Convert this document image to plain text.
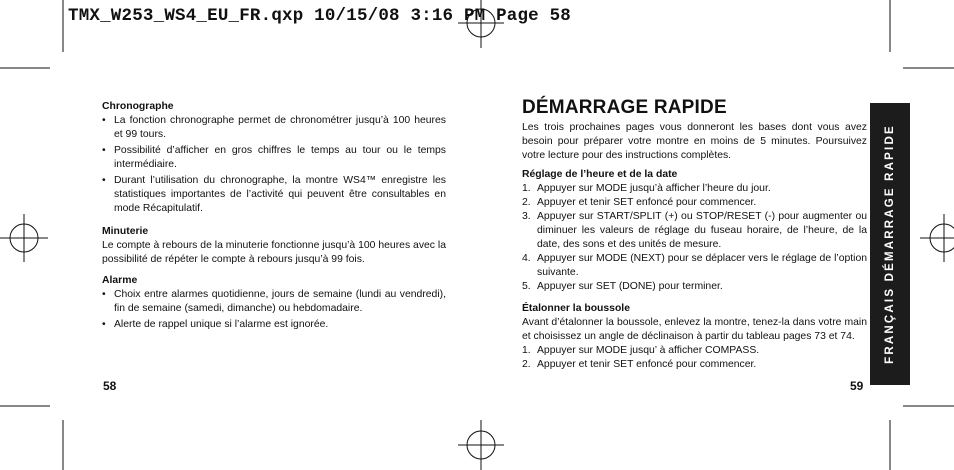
TMX_W253_WS4_EU_FR.qxp 10/15/08 3:16 PM Page 58

Chronographe

• La fonction chronographe permet de chronométrer jusqu’à 100 heures et 99 tours.
• Possibilité d’afficher en gros chiffres le temps au tour ou le temps intermédiaire.
• Durant l’utilisation du chronographe, la montre WS4™ enregistre les statistiques importantes de l’activité qui peuvent être consultables en mode Récapitulatif.

Minuterie

Le compte à rebours de la minuterie fonctionne jusqu’à 100 heures avec la possibilité de répéter le compte à rebours jusqu’à 99 fois.

Alarme

• Choix entre alarmes quotidienne, jours de semaine (lundi au vendredi), fin de semaine (samedi, dimanche) ou hebdomadaire.
• Alerte de rappel unique si l’alarme est ignorée.
58
DÉMARRAGE RAPIDE

Les trois prochaines pages vous donneront les bases dont vous avez besoin pour préparer votre montre en moins de 5 minutes. Poursuivez votre lecture pour des instructions complètes.

Réglage de l’heure et de la date

1. Appuyer sur MODE jusqu’à afficher l’heure du jour.
2. Appuyer et tenir SET enfoncé pour commencer.
3. Appuyer sur START/SPLIT (+) ou STOP/RESET (-) pour augmenter ou diminuer les valeurs de réglage du fuseau horaire, de l’heure, de la date, des sons et des unités de mesure.
4. Appuyer sur MODE (NEXT) pour se déplacer vers le réglage de l’option suivante.
5. Appuyer sur SET (DONE) pour terminer.

Étalonner la boussole

Avant d’étalonner la boussole, enlevez la montre, tenez-la dans votre main et choisissez un angle de déclinaison à partir du tableau pages 73 et 74.

1. Appuyer sur MODE jusqu’ à afficher COMPASS.
2. Appuyer et tenir SET enfoncé pour commencer.
59
FRANÇAIS DÉMARRAGE RAPIDE
